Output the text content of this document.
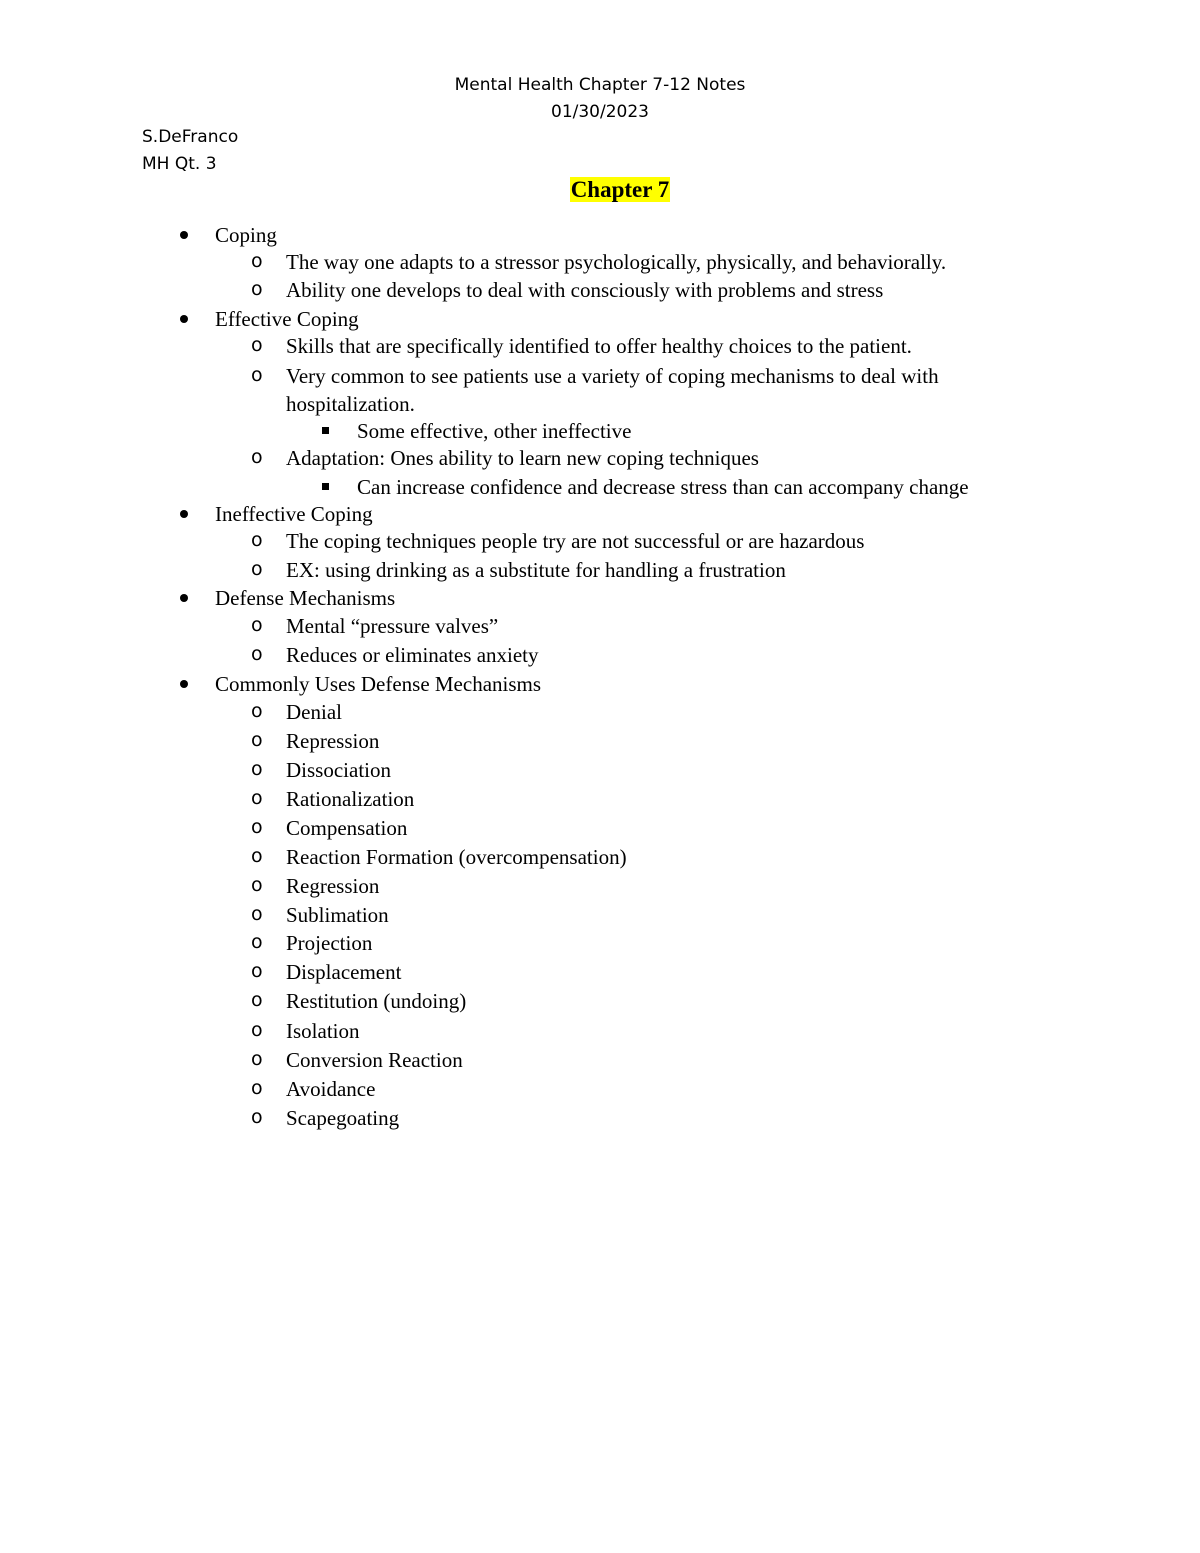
Mental Health Chapter 7-12 Notes
01/30/2023
S.DeFranco
MH Qt. 3
Chapter 7
Coping
o The way one adapts to a stressor psychologically, physically, and behaviorally.
o Ability one develops to deal with consciously with problems and stress
Effective Coping
o Skills that are specifically identified to offer healthy choices to the patient.
o Very common to see patients use a variety of coping mechanisms to deal with
hospitalization.
Some effective, other ineffective
o Adaptation: Ones ability to learn new coping techniques
Can increase confidence and decrease stress than can accompany change
Ineffective Coping
o The coping techniques people try are not successful or are hazardous
o EX: using drinking as a substitute for handling a frustration
Defense Mechanisms
o Mental “pressure valves”
o Reduces or eliminates anxiety
Commonly Uses Defense Mechanisms
o Denial
o Repression
o Dissociation
o Rationalization
o Compensation
o Reaction Formation (overcompensation)
o Regression
o Sublimation
o Projection
o Displacement
o Restitution (undoing)
o Isolation
o Conversion Reaction
o Avoidance
o Scapegoating
